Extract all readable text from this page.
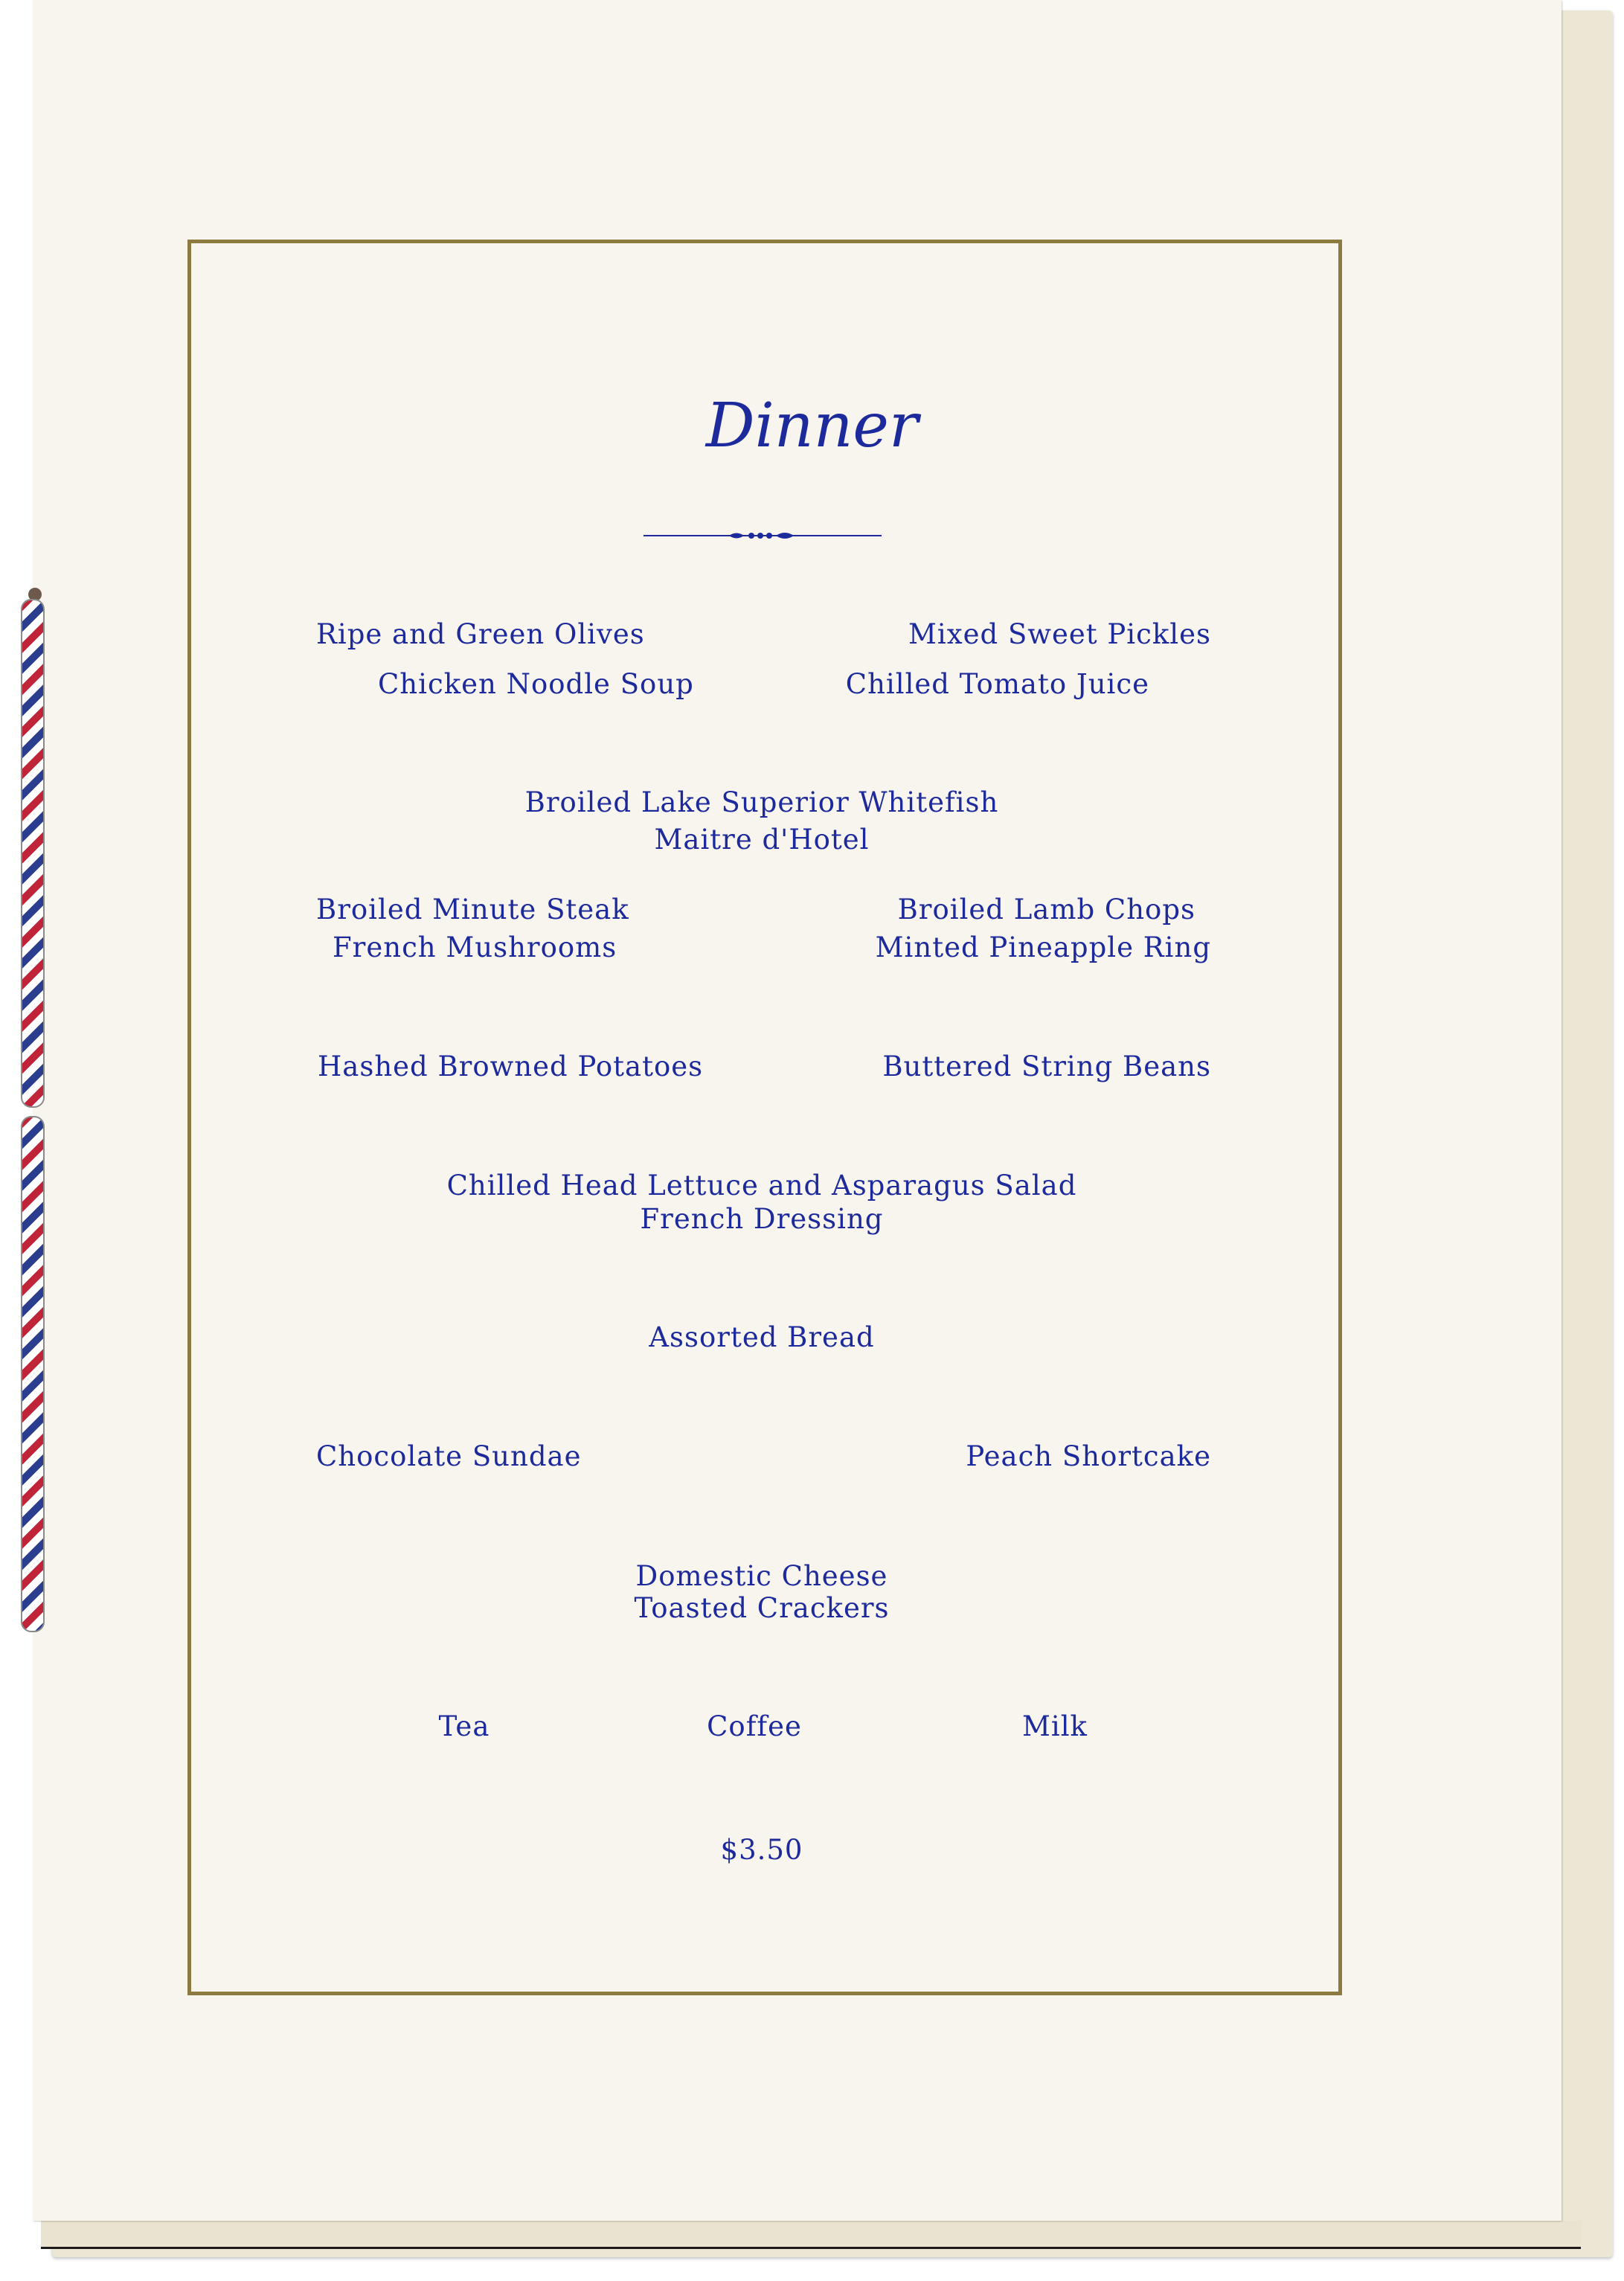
Dinner
Ripe and Green Olives	Mixed Sweet Pickles
Chicken Noodle Soup	Chilled Tomato Juice
Broiled Lake Superior Whitefish
Maitre d'Hotel
Broiled Minute Steak
French Mushrooms
Broiled Lamb Chops
Minted Pineapple Ring
Hashed Browned Potatoes	Buttered String Beans
Chilled Head Lettuce and Asparagus Salad
French Dressing
Assorted Bread
Chocolate Sundae	Peach Shortcake
Domestic Cheese
Toasted Crackers
Tea	Coffee	Milk
$3.50
